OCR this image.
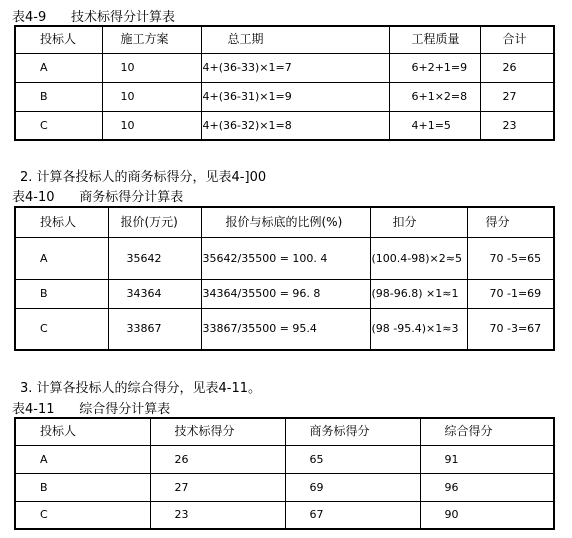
表4-9      技术标得分计算表
投标人	施工方案	总工期	工程质量	合计
A	10	4+(36-33)×1=7	6+2+1=9	26
B	10	4+(36-31)×1=9	6+1×2=8	27
C	10	4+(36-32)×1=8	4+1=5	23
2. 计算各投标人的商务标得分，见表4-]00
表4-10      商务标得分计算表
投标人	报价(万元)	报价与标底的比例(%)	扣分	得分
A	35642	35642/35500 = 100. 4	(100.4-98)×2≈5	70 -5=65
B	34364	34364/35500 = 96. 8	(98-96.8) ×1≈1	70 -1=69
C	33867	33867/35500 = 95.4	(98 -95.4)×1≈3	70 -3=67
3. 计算各投标人的综合得分，见表4-11。
表4-11      综合得分计算表
投标人	技术标得分	商务标得分	综合得分
A	26	65	91
B	27	69	96
C	23	67	90
